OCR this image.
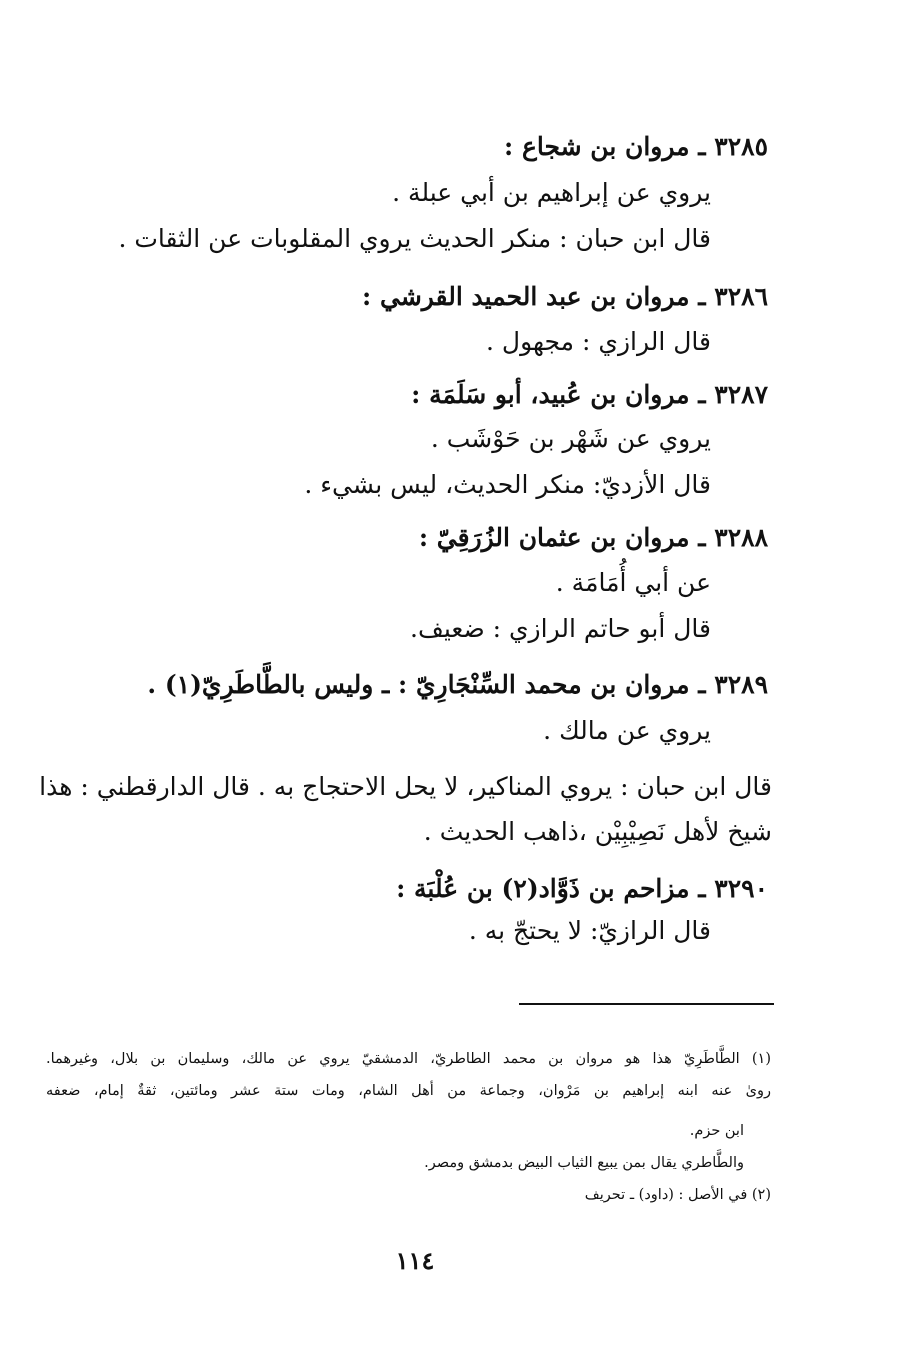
٣٢٨٥ ـ مروان بن شجاع :
يروي عن إبراهيم بن أبي عبلة .
قال ابن حبان : منكر الحديث يروي المقلوبات عن الثقات .
٣٢٨٦ ـ مروان بن عبد الحميد القرشي :
قال الرازي : مجهول .
٣٢٨٧ ـ مروان بن عُبيد، أبو سَلَمَة :
يروي عن شَهْر بن حَوْشَب .
قال الأزديّ: منكر الحديث، ليس بشيء .
٣٢٨٨ ـ مروان بن عثمان الزُرَقِيّ :
عن أبي أُمَامَة .
قال أبو حاتم الرازي : ضعيف.
٣٢٨٩ ـ مروان بن محمد السِّنْجَارِيّ : ـ وليس بالطَّاطَرِيّ(١) .
يروي عن مالك .
قال ابن حبان : يروي المناكير، لا يحل الاحتجاج به . قال الدارقطني : هذا
شيخ لأهل نَصِيْبِيْن ،ذاهب الحديث .
٣٢٩٠ ـ مزاحم بن ذَوَّاد(٢) بن عُلْبَة :
قال الرازيّ: لا يحتجّ به .
(١) الطَّاطَرِيّ هذا هو مروان بن محمد الطاطريّ، الدمشقيّ يروي عن مالك، وسليمان بن بلال، وغيرهما.
روىٰ عنه ابنه إبراهيم بن مَرْوان، وجماعة من أهل الشام، ومات ستة عشر ومائتين، ثقةٌ إمام، ضعفه
ابن حزم.
والطَّاطري يقال بمن يبيع الثياب البيض بدمشق ومصر.
(٢) في الأصل : (داود) ـ تحريف
١١٤
